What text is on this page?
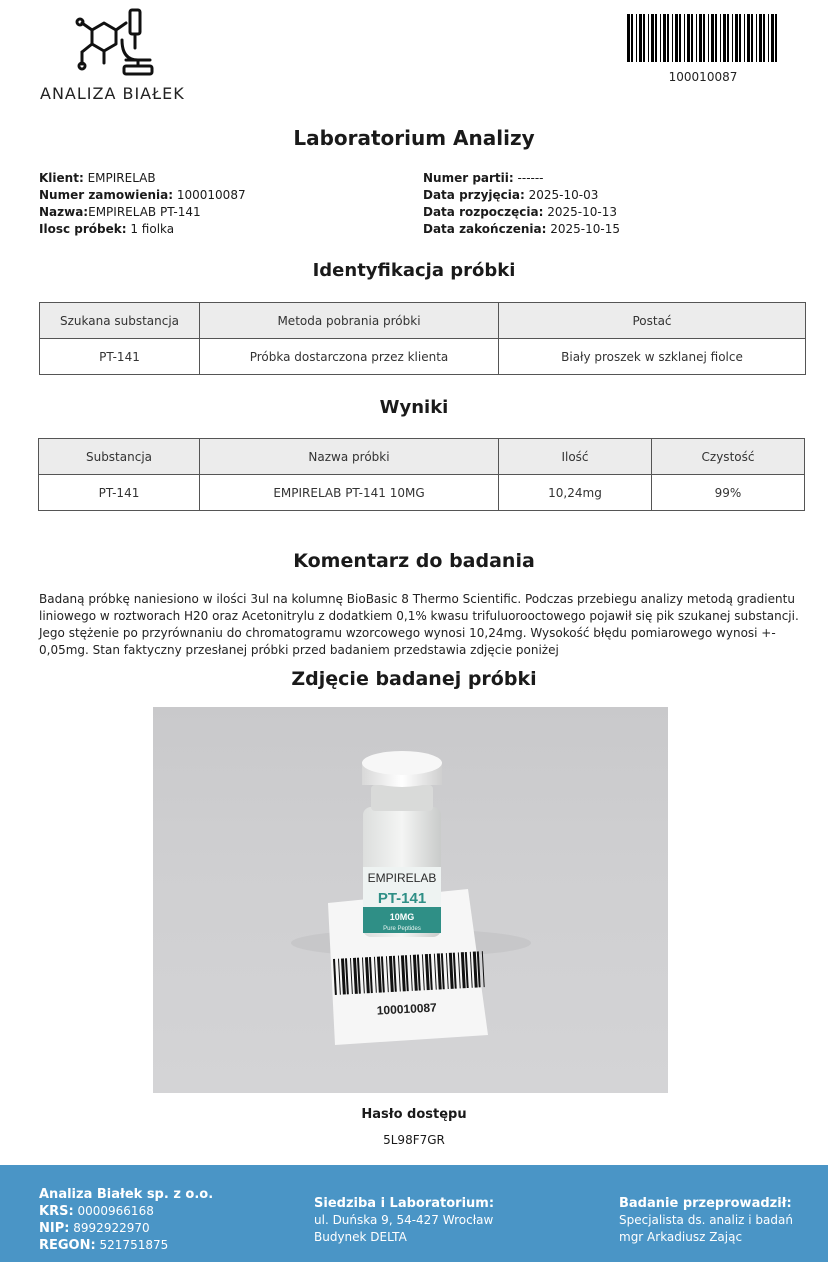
ANALIZA BIAŁEK
100010087
Laboratorium Analizy
Klient: EMPIRELAB
Numer zamowienia: 100010087
Nazwa:EMPIRELAB PT-141
Ilosc próbek: 1 fiolka
Numer partii: ------
Data przyjęcia: 2025-10-03
Data rozpoczęcia: 2025-10-13
Data zakończenia: 2025-10-15
Identyfikacja próbki
Szukana substancja	Metoda pobrania próbki	Postać
PT-141	Próbka dostarczona przez klienta	Biały proszek w szklanej fiolce
Wyniki
Substancja	Nazwa próbki	Ilość	Czystość
PT-141	EMPIRELAB PT-141 10MG	10,24mg	99%
Komentarz do badania
Badaną próbkę naniesiono w ilości 3ul na kolumnę BioBasic 8 Thermo Scientific. Podczas przebiegu analizy metodą gradientu liniowego w roztworach H20 oraz Acetonitrylu z dodatkiem 0,1% kwasu trifuluorooctowego pojawił się pik szukanej substancji. Jego stężenie po przyrównaniu do chromatogramu wzorcowego wynosi 10,24mg. Wysokość błędu pomiarowego wynosi +- 0,05mg. Stan faktyczny przesłanej próbki przed badaniem przedstawia zdjęcie poniżej
Zdjęcie badanej próbki
EMPIRELAB
PT-141
10MG
Pure Peptides
100010087
Hasło dostępu
5L98F7GR
Analiza Białek sp. z o.o.
KRS: 0000966168
NIP: 8992922970
REGON: 521751875
Siedziba i Laboratorium:
ul. Duńska 9, 54-427 Wrocław
Budynek DELTA
Badanie przeprowadził:
Specjalista ds. analiz i badań
mgr Arkadiusz Zając
